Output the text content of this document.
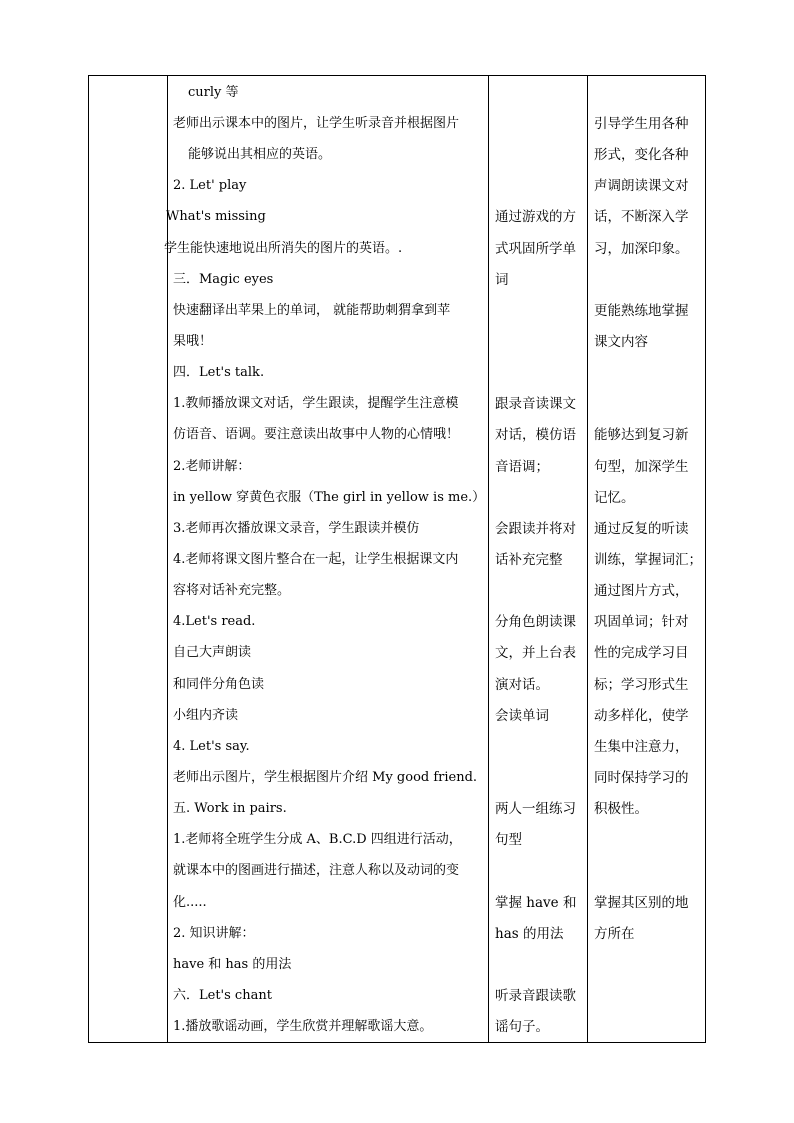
curly 等
老师出示课本中的图片，让学生听录音并根据图片
能够说出其相应的英语。
2. Let' play
What's missing
学生能快速地说出所消失的图片的英语。.
三．Magic eyes
快速翻译出苹果上的单词， 就能帮助刺猬拿到苹
果哦！
四．Let's talk.
1.教师播放课文对话，学生跟读，提醒学生注意模
仿语音、语调。要注意读出故事中人物的心情哦！
2.老师讲解：
in yellow 穿黄色衣服（The girl in yellow is me.）
3.老师再次播放课文录音，学生跟读并模仿
4.老师将课文图片整合在一起，让学生根据课文内
容将对话补充完整。
4.Let's read.
自己大声朗读
和同伴分角色读
小组内齐读
4. Let's say.
老师出示图片，学生根据图片介绍 My good friend.
五. Work in pairs.
1.老师将全班学生分成 A、B.C.D 四组进行活动，
就课本中的图画进行描述，注意人称以及动词的变
化.....
2. 知识讲解：
have 和 has 的用法
六．Let's chant
1.播放歌谣动画，学生欣赏并理解歌谣大意。
通过游戏的方
式巩固所学单
词
跟录音读课文
对话，模仿语
音语调；
会跟读并将对
话补充完整
分角色朗读课
文，并上台表
演对话。
会读单词
两人一组练习
句型
掌握 have 和
has 的用法
听录音跟读歌
谣句子。
引导学生用各种
形式，变化各种
声调朗读课文对
话，不断深入学
习，加深印象。
更能熟练地掌握
课文内容
能够达到复习新
句型，加深学生
记忆。
通过反复的听读
训练，掌握词汇；
通过图片方式，
巩固单词；针对
性的完成学习目
标；学习形式生
动多样化，使学
生集中注意力，
同时保持学习的
积极性。
掌握其区别的地
方所在
